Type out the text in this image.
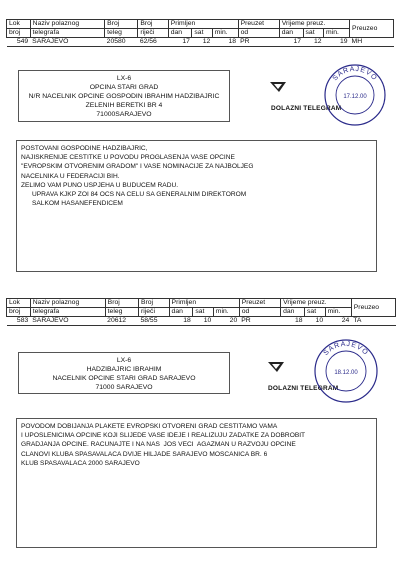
Lok	Naziv polaznog	Broj	Broj	Primljen			Preuzet	Vrijeme preuz.			Preuzeo
broj	telegrafa	teleg	riječi	dan	sat	min.	od	dan	sat	min.	
549	SARAJEVO	20580	62/56	17	12	18	PR	17	12	19	MH
LX-6
OPCINA STARI GRAD
N/R NACELNIK OPCINE GOSPODIN IBRAHIM HADZIBAJRIC
ZELENIH BERETKI BR 4
71000SARAJEVO
DOLAZNI TELEGRAM
SARAJEVO
17.12.00
POSTOVANI GOSPODINE HADZIBAJRIC,
NAJISKRENIJE CESTITKE U POVODU PROGLASENJA VASE OPCINE
"EVROPSKIM OTVORENIM GRADOM" I VASE NOMINACIJE ZA NAJBOLJEG
NACELNIKA U FEDERACIJI BIH.
ZELIMO VAM PUNO USPJEHA U BUDUCEM RADU.
UPRAVA KJKP ZOI 84 OCS NA CELU SA GENERALNIM DIREKTOROM
SALKOM HASANEFENDICEM
Lok	Naziv polaznog	Broj	Broj	Primljen			Preuzet	Vrijeme preuz.			Preuzeo
broj	telegrafa	teleg	riječi	dan	sat	min.	od	dan	sat	min.	
583	SARAJEVO	20612	58/55	18	10	20	PR	18	10	24	TA
LX-6
HADZIBAJRIC IBRAHIM
NACELNIK OPCINE STARI GRAD SARAJEVO
71000 SARAJEVO	DOLAZNI TELEGRAM
SARAJEVO
18.12.00
POVODOM DOBIJANJA PLAKETE EVROPSKI OTVORENI GRAD CESTITAMO VAMA
I UPOSLENICIMA OPCINE KOJI SLIJEDE VASE IDEJE I REALIZUJU ZADATKE ZA DOBROBIT
GRADJANJA OPCINE. RACUNAJTE I NA NAS  JOS VECI  AGAZMAN U RAZVOJU OPCINE
CLANOVI KLUBA SPASAVALACA DVIJE HILJADE SARAJEVO MOSCANICA BR. 6
KLUB SPASAVALACA 2000 SARAJEVO
